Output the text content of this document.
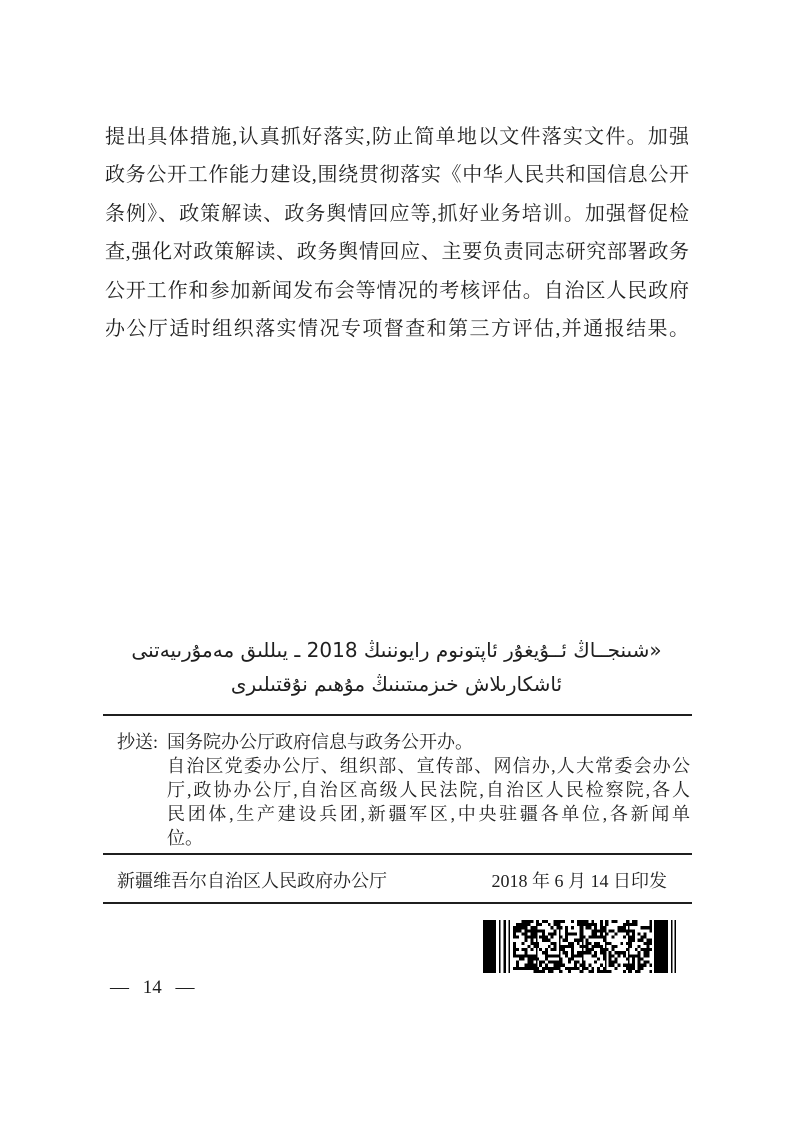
提出具体措施,认真抓好落实,防止简单地以文件落实文件。加强
政务公开工作能力建设,围绕贯彻落实《中华人民共和国信息公开
条例》、政策解读、政务舆情回应等,抓好业务培训。加强督促检
查,强化对政策解读、政务舆情回应、主要负责同志研究部署政务
公开工作和参加新闻发布会等情况的考核评估。自治区人民政府
办公厅适时组织落实情况专项督查和第三方评估,并通报结果。
«شىنجــاڭ ئــۇيغۇر ئاپتونوم رايوننىڭ 2018 ـ يىللىق مەمۇرىيەتنى
ئاشكارىلاش خىزمىتىنىڭ مۇھىم نۇقتىلىرى
抄送: 国务院办公厅政府信息与政务公开办。
自治区党委办公厅、组织部、宣传部、网信办,人大常委会办公
厅,政协办公厅,自治区高级人民法院,自治区人民检察院,各人
民团体,生产建设兵团,新疆军区,中央驻疆各单位,各新闻单
位。
新疆维吾尔自治区人民政府办公厅	2018 年 6 月 14 日印发
— 14 —
